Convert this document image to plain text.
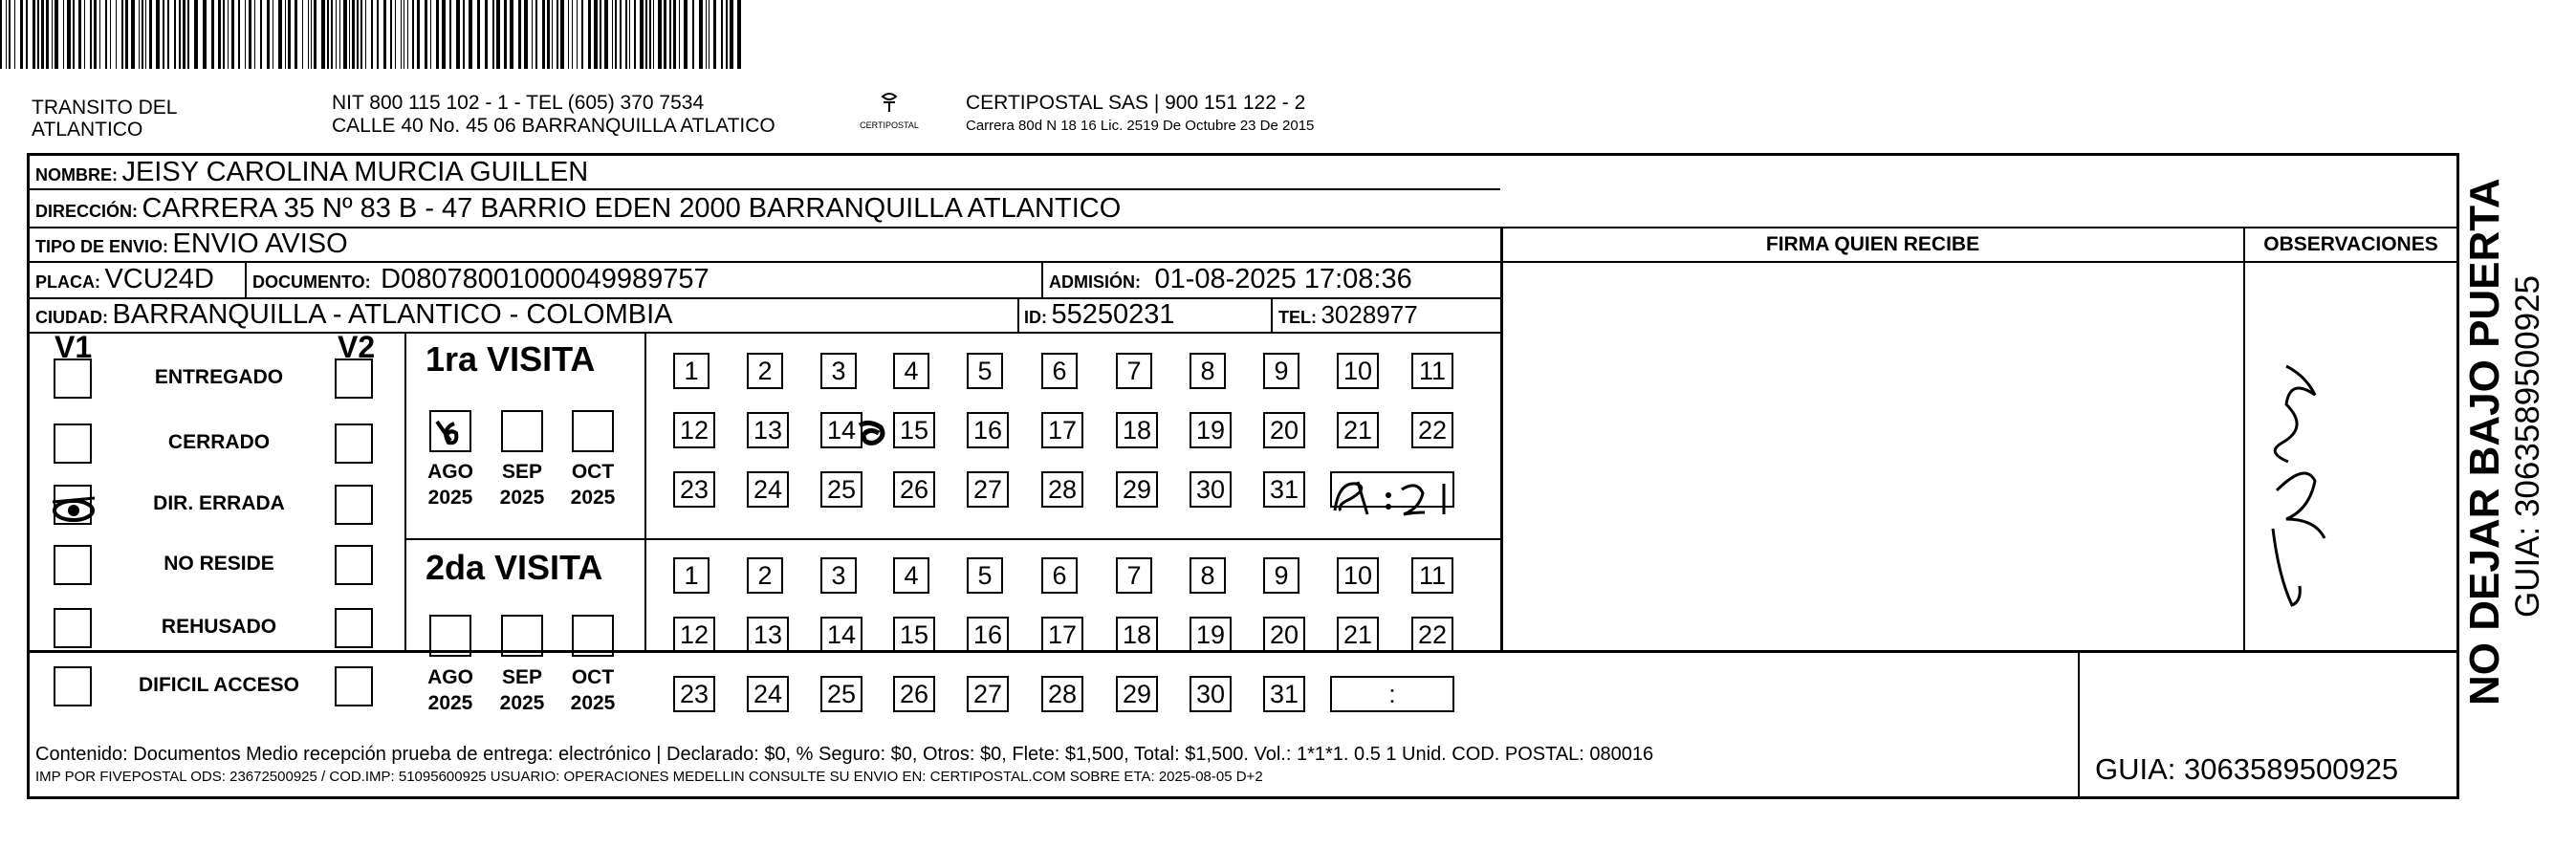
TRANSITO DEL
ATLANTICO
NIT 800 115 102 - 1 - TEL (605) 370 7534
CALLE 40 No. 45 06 BARRANQUILLA ATLATICO	CERTIPOSTAL
CERTIPOSTAL SAS | 900 151 122 - 2
Carrera 80d N 18 16 Lic. 2519 De Octubre 23 De 2015
NOMBRE: JEISY CAROLINA MURCIA GUILLEN
DIRECCIÓN: CARRERA 35 Nº 83 B - 47 BARRIO EDEN 2000 BARRANQUILLA ATLANTICO
TIPO DE ENVIO: ENVIO AVISO	FIRMA QUIEN RECIBE	OBSERVACIONES
PLACA: VCU24D DOCUMENTO: D08078001000049989757	ADMISIÓN: 01-08-2025 17:08:36
CIUDAD: BARRANQUILLA - ATLANTICO - COLOMBIA	ID: 55250231	TEL: 3028977
V1	V2
ENTREGADO
CERRADO
DIR. ERRADA
NO RESIDE
REHUSADO
DIFICIL ACCESO
1ra VISITA
2da VISITA
AGO
2025
SEP
2025
OCT
2025
AGO
2025
SEP
2025
OCT
2025
1	2	3	4	5	6	7	8	9	10 11
12 13 14 15 16 17 18 19 20 21 22
23 24 25 26 27 28 29 30 31
1	2	3	4	5	6	7	8	9	10 11
12 13 14 15 16 17 18 19 20 21 22
23 24 25 26 27 28 29 30 31	:
Contenido: Documentos Medio recepción prueba de entrega: electrónico | Declarado: $0, % Seguro: $0, Otros: $0, Flete: $1,500, Total: $1,500. Vol.: 1*1*1. 0.5 1 Unid. COD. POSTAL: 080016
IMP POR FIVEPOSTAL ODS: 23672500925 / COD.IMP: 51095600925 USUARIO: OPERACIONES MEDELLIN CONSULTE SU ENVIO EN: CERTIPOSTAL.COM SOBRE ETA: 2025-08-05 D+2	GUIA: 3063589500925
NO DEJAR BAJO PUERTA GUIA: 3063589500925
